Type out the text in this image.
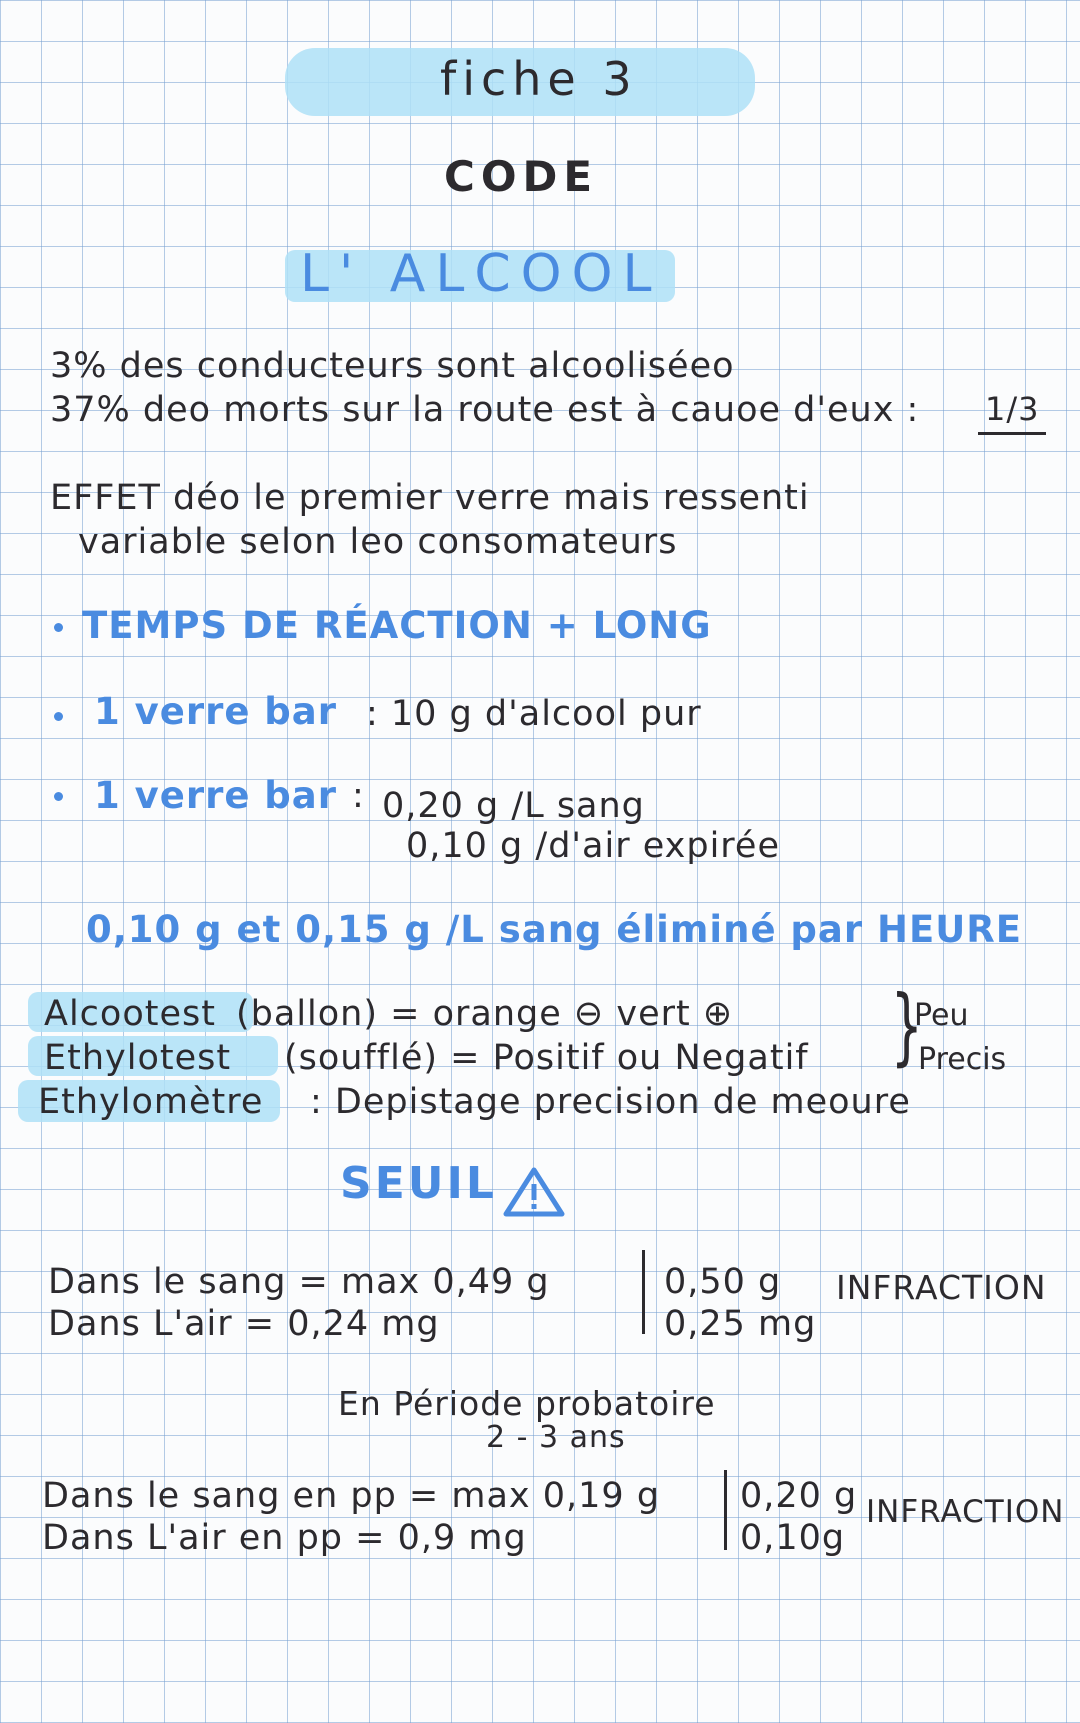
fiche 3
CODE
L' ALCOOL
3% des conducteurs sont alcooliséeo
37% deo morts sur la route est à cauoe d'eux : 1/3
EFFET déo le premier verre mais ressenti
variable selon leo consomateurs
TEMPS DE RÉACTION + LONG
1 verre bar : 10 g d'alcool pur
1 verre bar : 0,20 g /L sang
0,10 g /d'air expirée
0,10 g et 0,15 g /L sang éliminé par HEURE
Alcootest (ballon) = orange ⊖ vert ⊕
Ethylotest (soufflé) = Positif ou Negatif
Ethylomètre : Depistage precision de meoure
}
Peu
Precis
SEUIL
Dans le sang = max 0,49 g
Dans L'air = 0,24 mg
0,50 g
0,25 mg
INFRACTION
En Période probatoire
2 - 3 ans
Dans le sang en pp = max 0,19 g
Dans L'air en pp = 0,9 mg
0,20 g
0,10g
INFRACTION
